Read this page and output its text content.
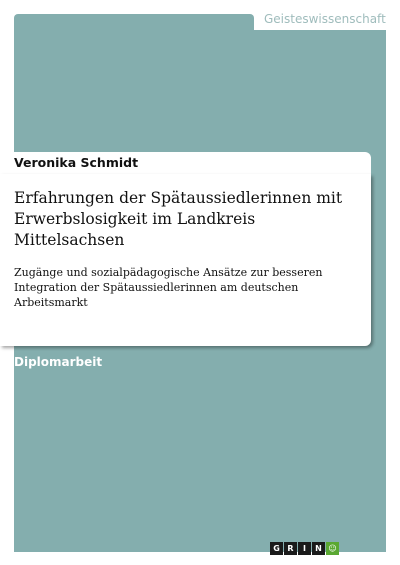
Geisteswissenschaft
Veronika Schmidt
Erfahrungen der Spätaussiedlerinnen mit Erwerbslosigkeit im Landkreis Mittelsachsen
Zugänge und sozialpädagogische Ansätze zur besseren Integration der Spätaussiedlerinnen am deutschen Arbeitsmarkt
Diplomarbeit
G R	I	N ☺
